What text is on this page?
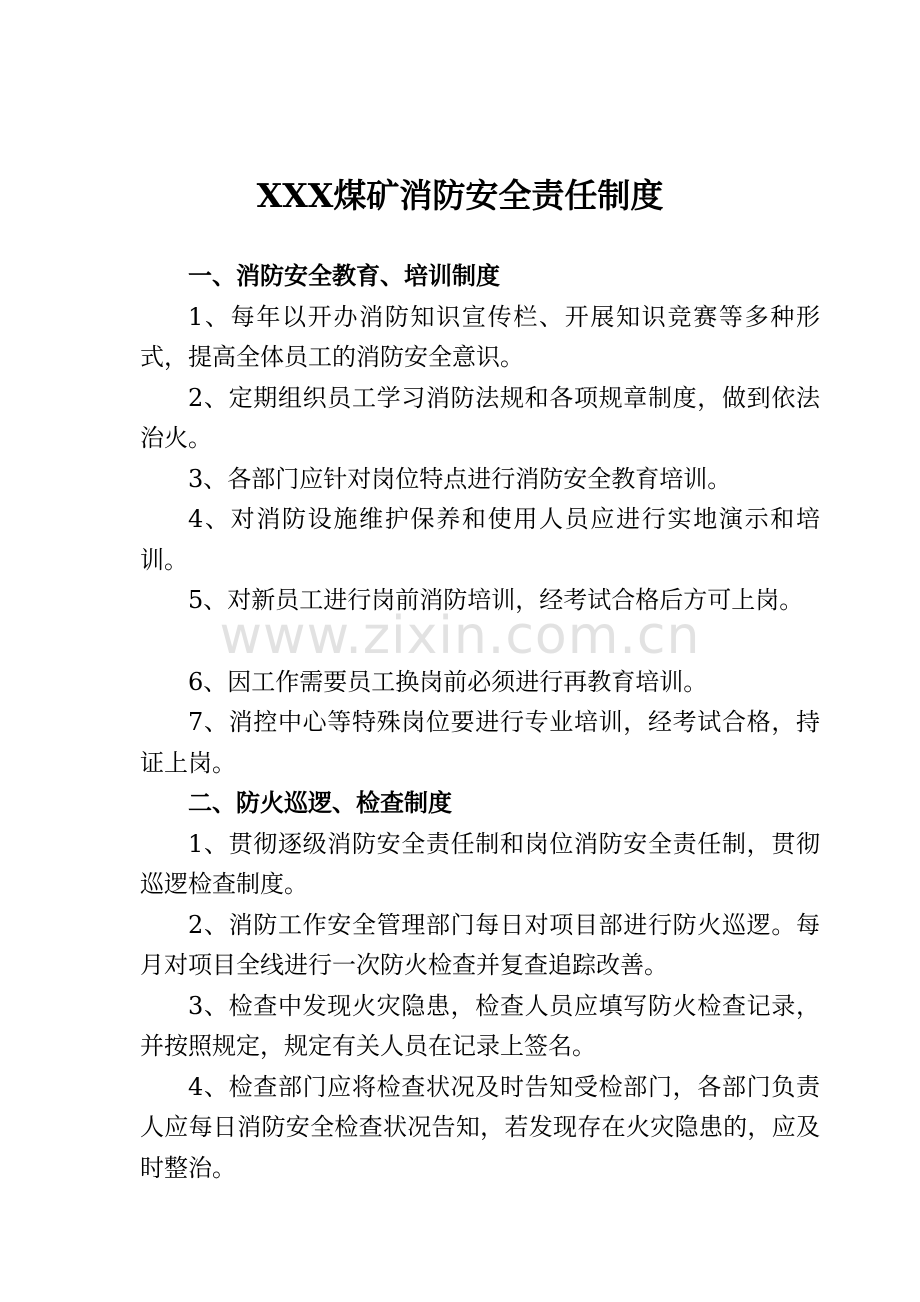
www.zixin.com.cn
XXX煤矿消防安全责任制度

一、消防安全教育、培训制度

1、每年以开办消防知识宣传栏、开展知识竞赛等多种形式，提高全体员工的消防安全意识。

2、定期组织员工学习消防法规和各项规章制度，做到依法治火。

3、各部门应针对岗位特点进行消防安全教育培训。

4、对消防设施维护保养和使用人员应进行实地演示和培训。

5、对新员工进行岗前消防培训，经考试合格后方可上岗。

6、因工作需要员工换岗前必须进行再教育培训。

7、消控中心等特殊岗位要进行专业培训，经考试合格，持证上岗。

二、防火巡逻、检查制度

1、贯彻逐级消防安全责任制和岗位消防安全责任制，贯彻巡逻检查制度。

2、消防工作安全管理部门每日对项目部进行防火巡逻。每月对项目全线进行一次防火检查并复查追踪改善。

3、检查中发现火灾隐患，检查人员应填写防火检查记录，并按照规定，规定有关人员在记录上签名。

4、检查部门应将检查状况及时告知受检部门，各部门负责人应每日消防安全检查状况告知，若发现存在火灾隐患的，应及时整治。
